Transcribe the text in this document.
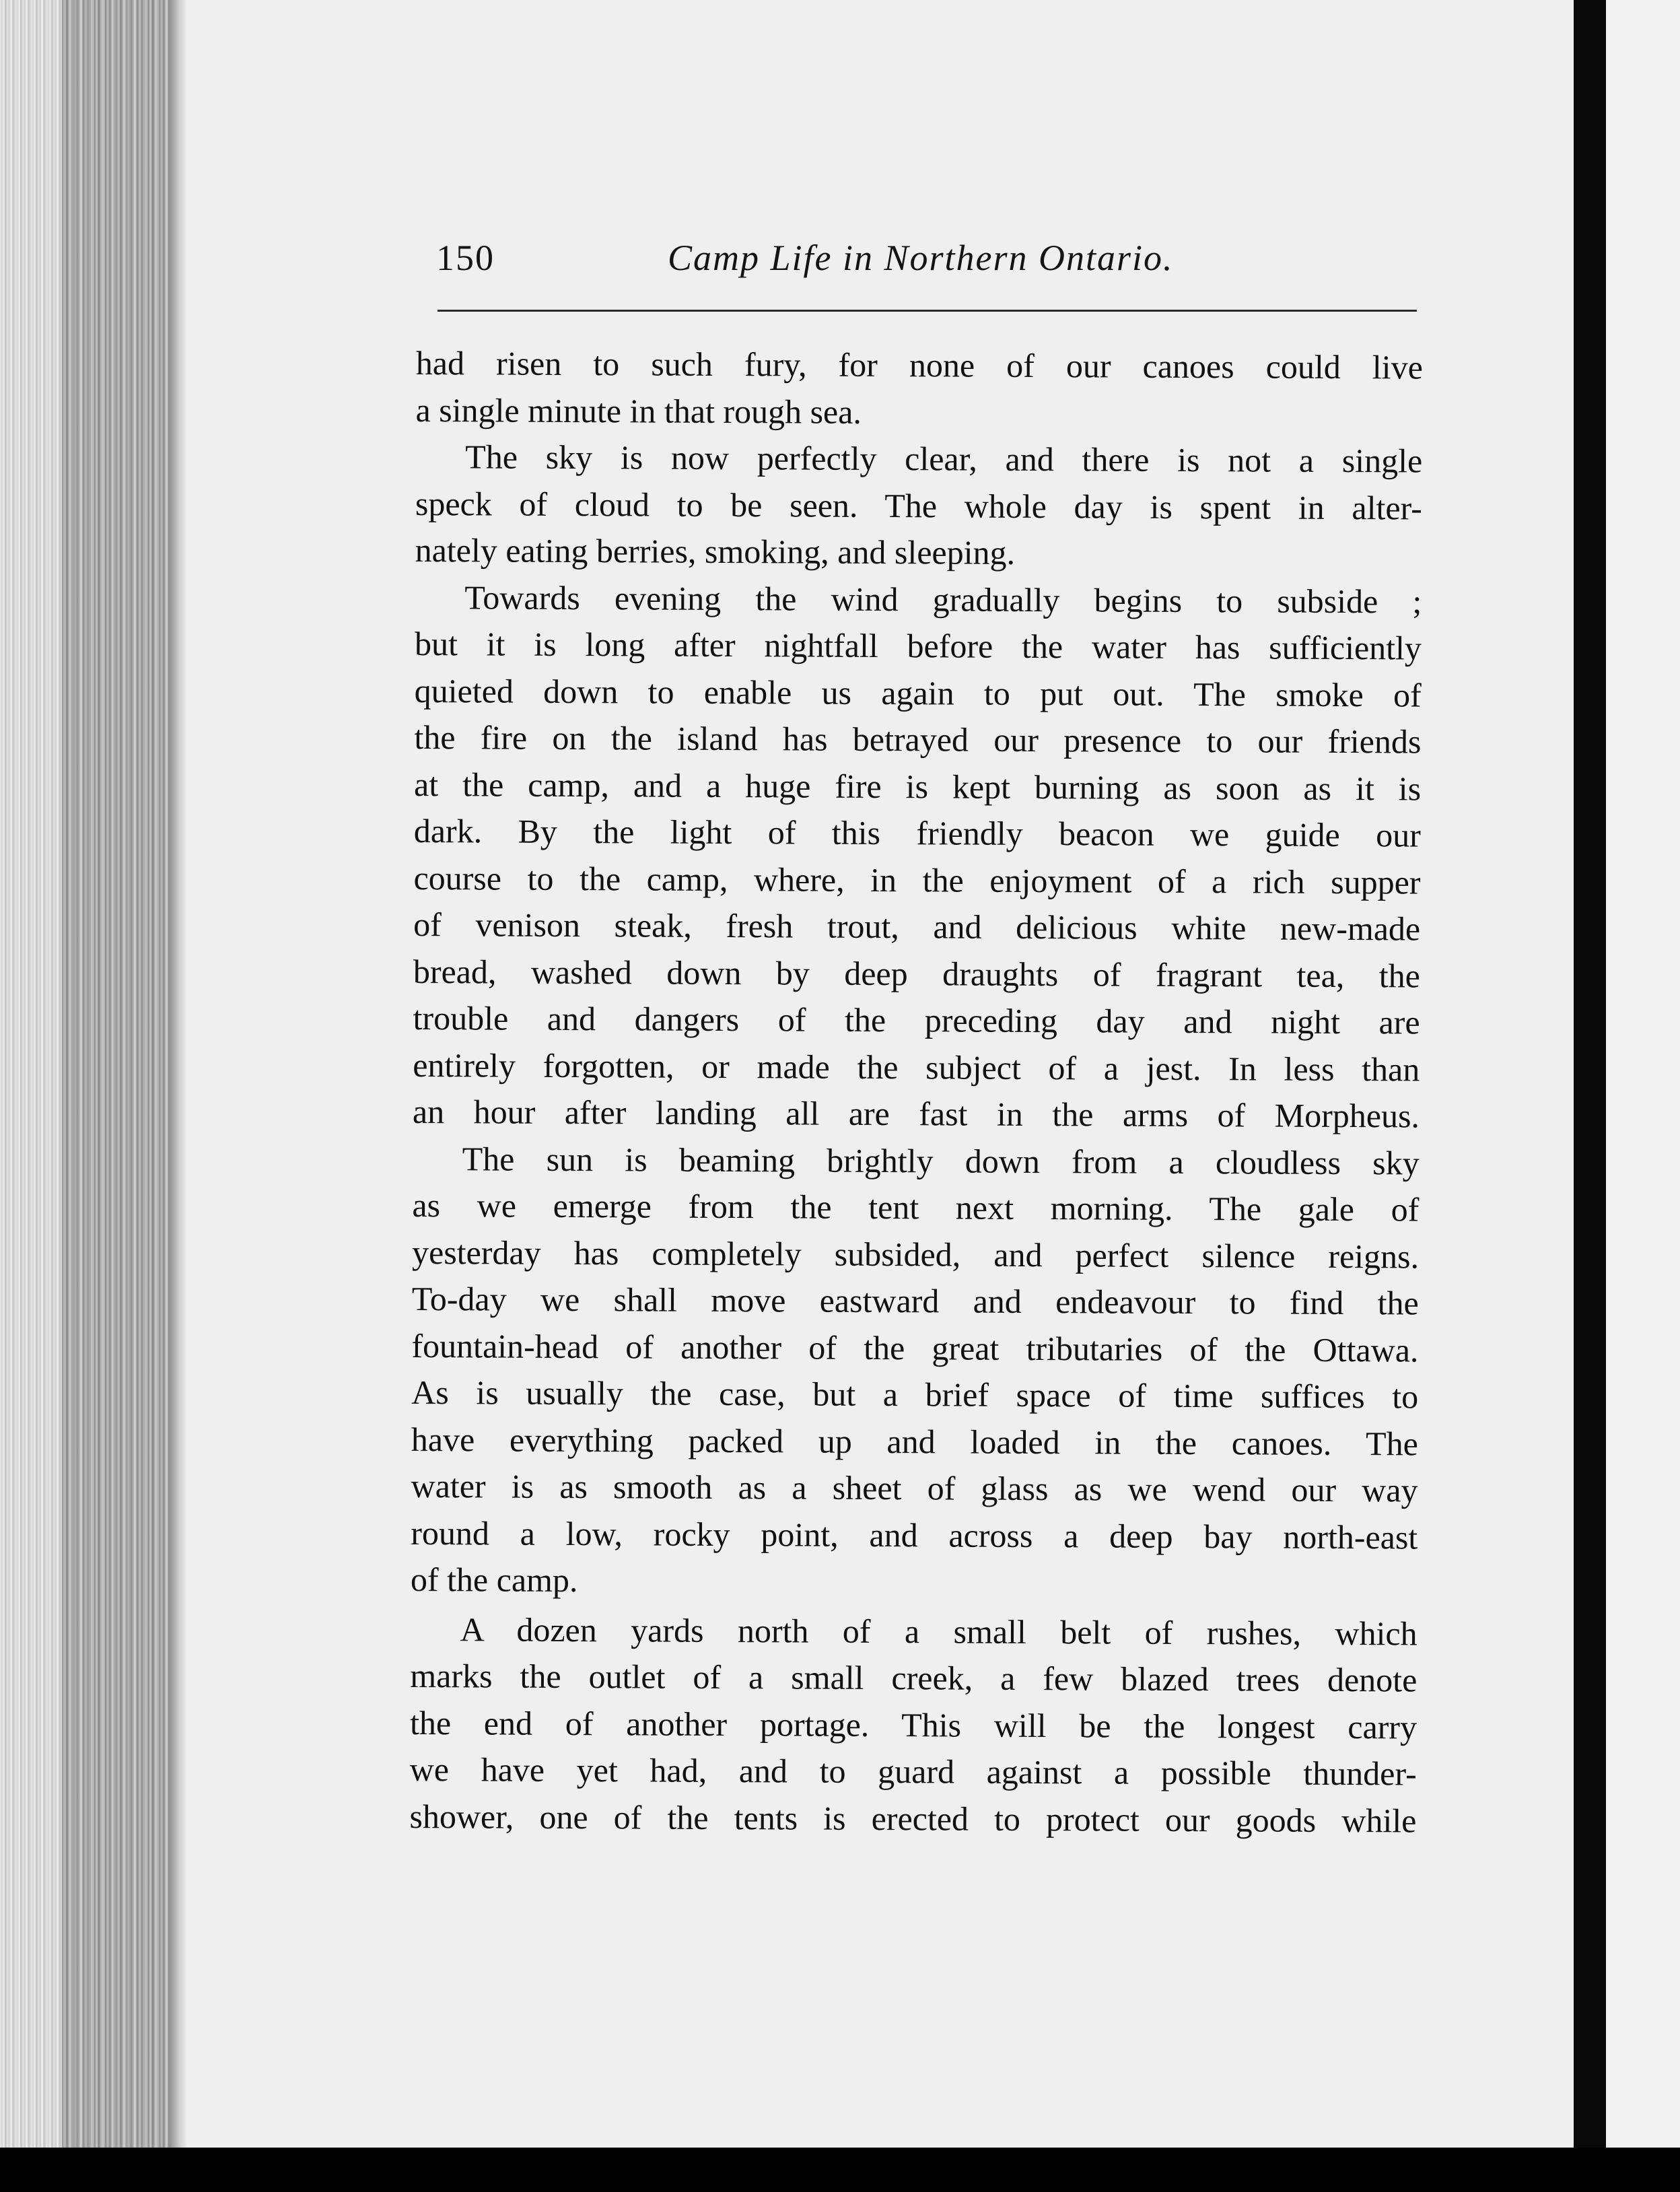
150	Camp Life in Northern Ontario.
had risen to such fury, for none of our canoes could live
a single minute in that rough sea.
The sky is now perfectly clear, and there is not a single
speck of cloud to be seen. The whole day is spent in alter-
nately eating berries, smoking, and sleeping.
Towards evening the wind gradually begins to subside ;
but it is long after nightfall before the water has sufficiently
quieted down to enable us again to put out. The smoke of
the fire on the island has betrayed our presence to our friends
at the camp, and a huge fire is kept burning as soon as it is
dark. By the light of this friendly beacon we guide our
course to the camp, where, in the enjoyment of a rich supper
of venison steak, fresh trout, and delicious white new-made
bread, washed down by deep draughts of fragrant tea, the
trouble and dangers of the preceding day and night are
entirely forgotten, or made the subject of a jest. In less than
an hour after landing all are fast in the arms of Morpheus.
The sun is beaming brightly down from a cloudless sky
as we emerge from the tent next morning. The gale of
yesterday has completely subsided, and perfect silence reigns.
To-day we shall move eastward and endeavour to find the
fountain-head of another of the great tributaries of the Ottawa.
As is usually the case, but a brief space of time suffices to
have everything packed up and loaded in the canoes. The
water is as smooth as a sheet of glass as we wend our way
round a low, rocky point, and across a deep bay north-east
of the camp.
A dozen yards north of a small belt of rushes, which
marks the outlet of a small creek, a few blazed trees denote
the end of another portage. This will be the longest carry
we have yet had, and to guard against a possible thunder-
shower, one of the tents is erected to protect our goods while
